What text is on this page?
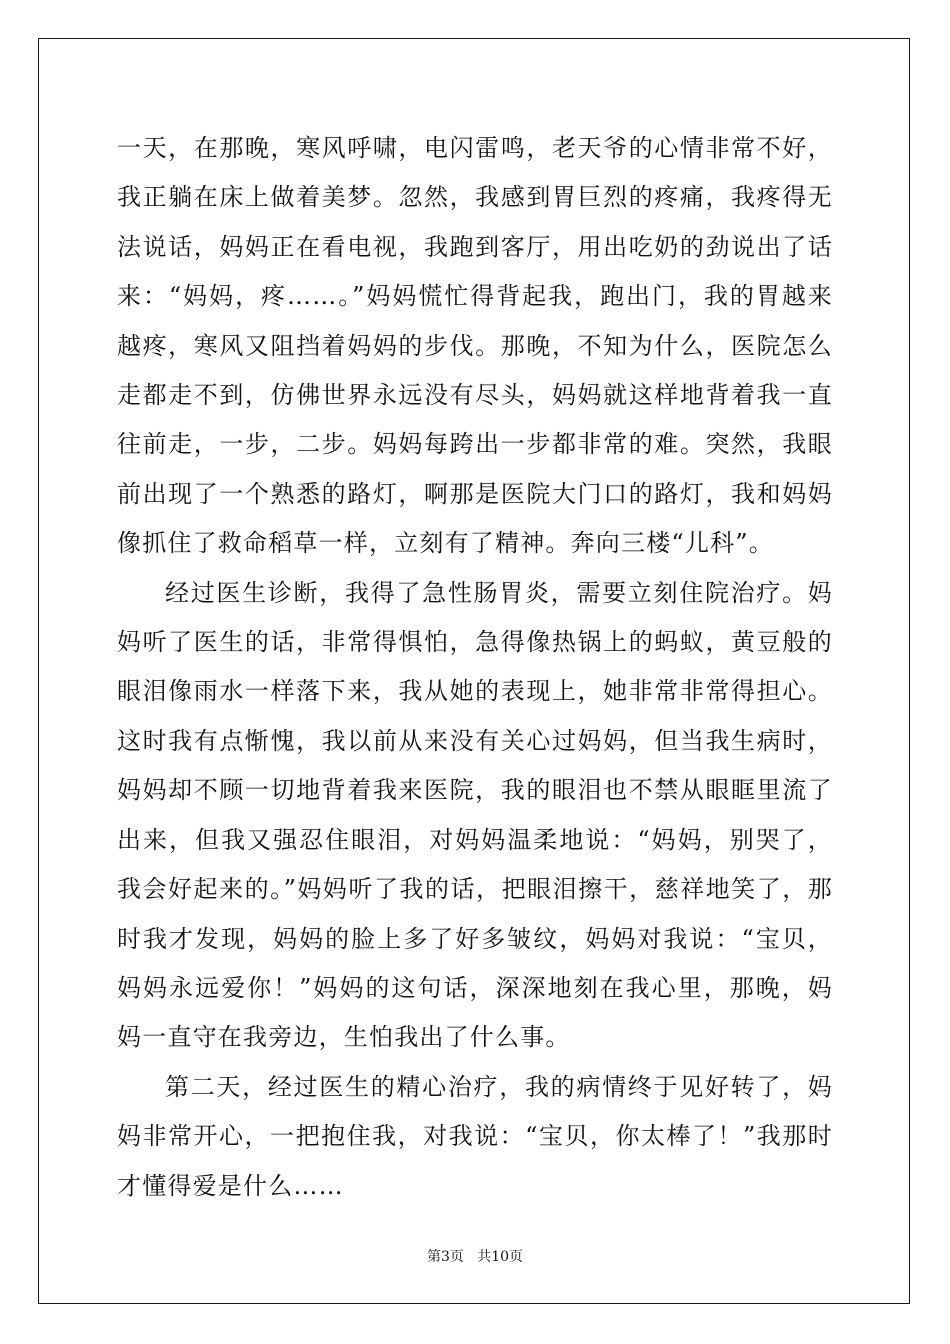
一天，在那晚，寒风呼啸，电闪雷鸣，老天爷的心情非常不好，我正躺在床上做着美梦。忽然，我感到胃巨烈的疼痛，我疼得无法说话，妈妈正在看电视，我跑到客厅，用出吃奶的劲说出了话来：“妈妈，疼……。”妈妈慌忙得背起我，跑出门，我的胃越来越疼，寒风又阻挡着妈妈的步伐。那晚，不知为什么，医院怎么走都走不到，仿佛世界永远没有尽头，妈妈就这样地背着我一直往前走，一步，二步。妈妈每跨出一步都非常的难。突然，我眼前出现了一个熟悉的路灯，啊那是医院大门口的路灯，我和妈妈像抓住了救命稻草一样，立刻有了精神。奔向三楼“儿科”。

经过医生诊断，我得了急性肠胃炎，需要立刻住院治疗。妈妈听了医生的话，非常得惧怕，急得像热锅上的蚂蚁，黄豆般的眼泪像雨水一样落下来，我从她的表现上，她非常非常得担心。这时我有点惭愧，我以前从来没有关心过妈妈，但当我生病时，妈妈却不顾一切地背着我来医院，我的眼泪也不禁从眼眶里流了出来，但我又强忍住眼泪，对妈妈温柔地说：“妈妈，别哭了，我会好起来的。”妈妈听了我的话，把眼泪擦干，慈祥地笑了，那时我才发现，妈妈的脸上多了好多皱纹，妈妈对我说：“宝贝，妈妈永远爱你！”妈妈的这句话，深深地刻在我心里，那晚，妈妈一直守在我旁边，生怕我出了什么事。

第二天，经过医生的精心治疗，我的病情终于见好转了，妈妈非常开心，一把抱住我，对我说：“宝贝，你太棒了！”我那时才懂得爱是什么……

第3页   共10页
